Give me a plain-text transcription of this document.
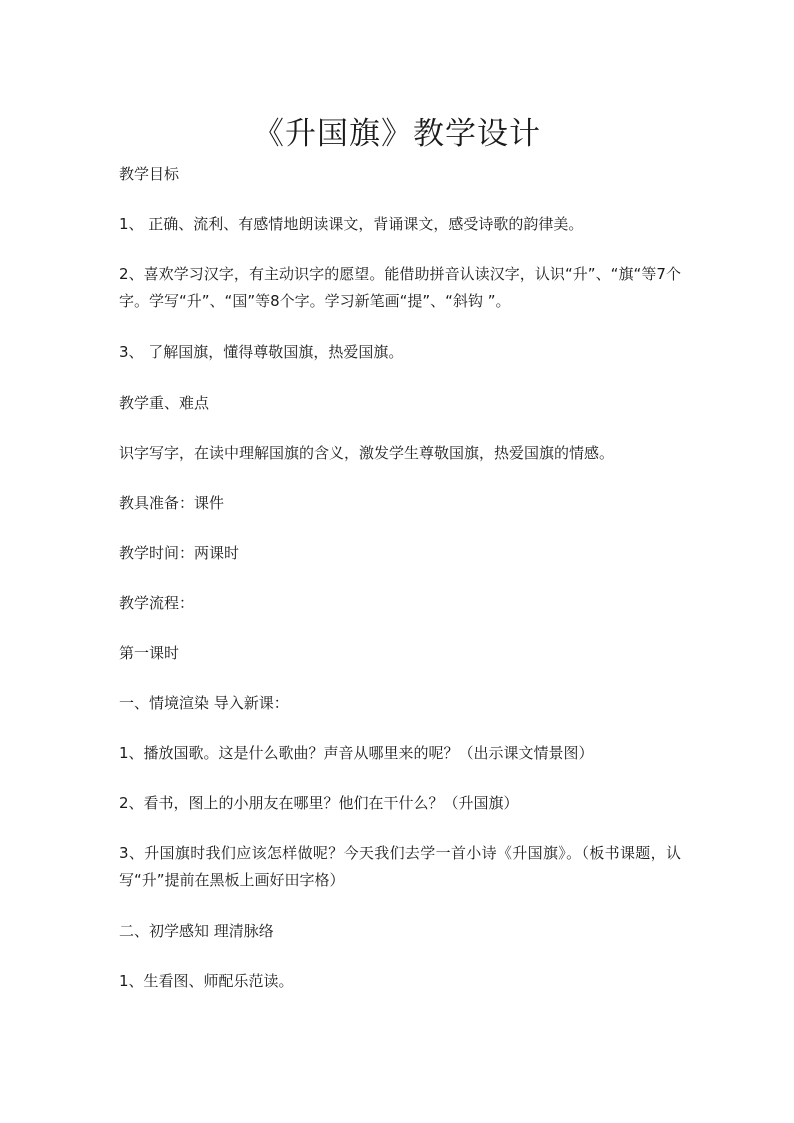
《升国旗》教学设计

教学目标

1、 正确、流利、有感情地朗读课文，背诵课文，感受诗歌的韵律美。

2、喜欢学习汉字，有主动识字的愿望。能借助拼音认读汉字，认识“升”、“旗“等7个字。学写“升”、“国”等8个字。学习新笔画“提”、“斜钩 ”。

3、 了解国旗，懂得尊敬国旗，热爱国旗。

教学重、难点

识字写字，在读中理解国旗的含义，激发学生尊敬国旗，热爱国旗的情感。

教具准备：课件

教学时间：两课时

教学流程：

第一课时

一、情境渲染 导入新课：

1、播放国歌。这是什么歌曲？声音从哪里来的呢？（出示课文情景图）

2、看书，图上的小朋友在哪里？他们在干什么？（升国旗）

3、升国旗时我们应该怎样做呢？今天我们去学一首小诗《升国旗》。（板书课题，认写“升”提前在黑板上画好田字格）

二、初学感知 理清脉络

1、生看图、师配乐范读。
